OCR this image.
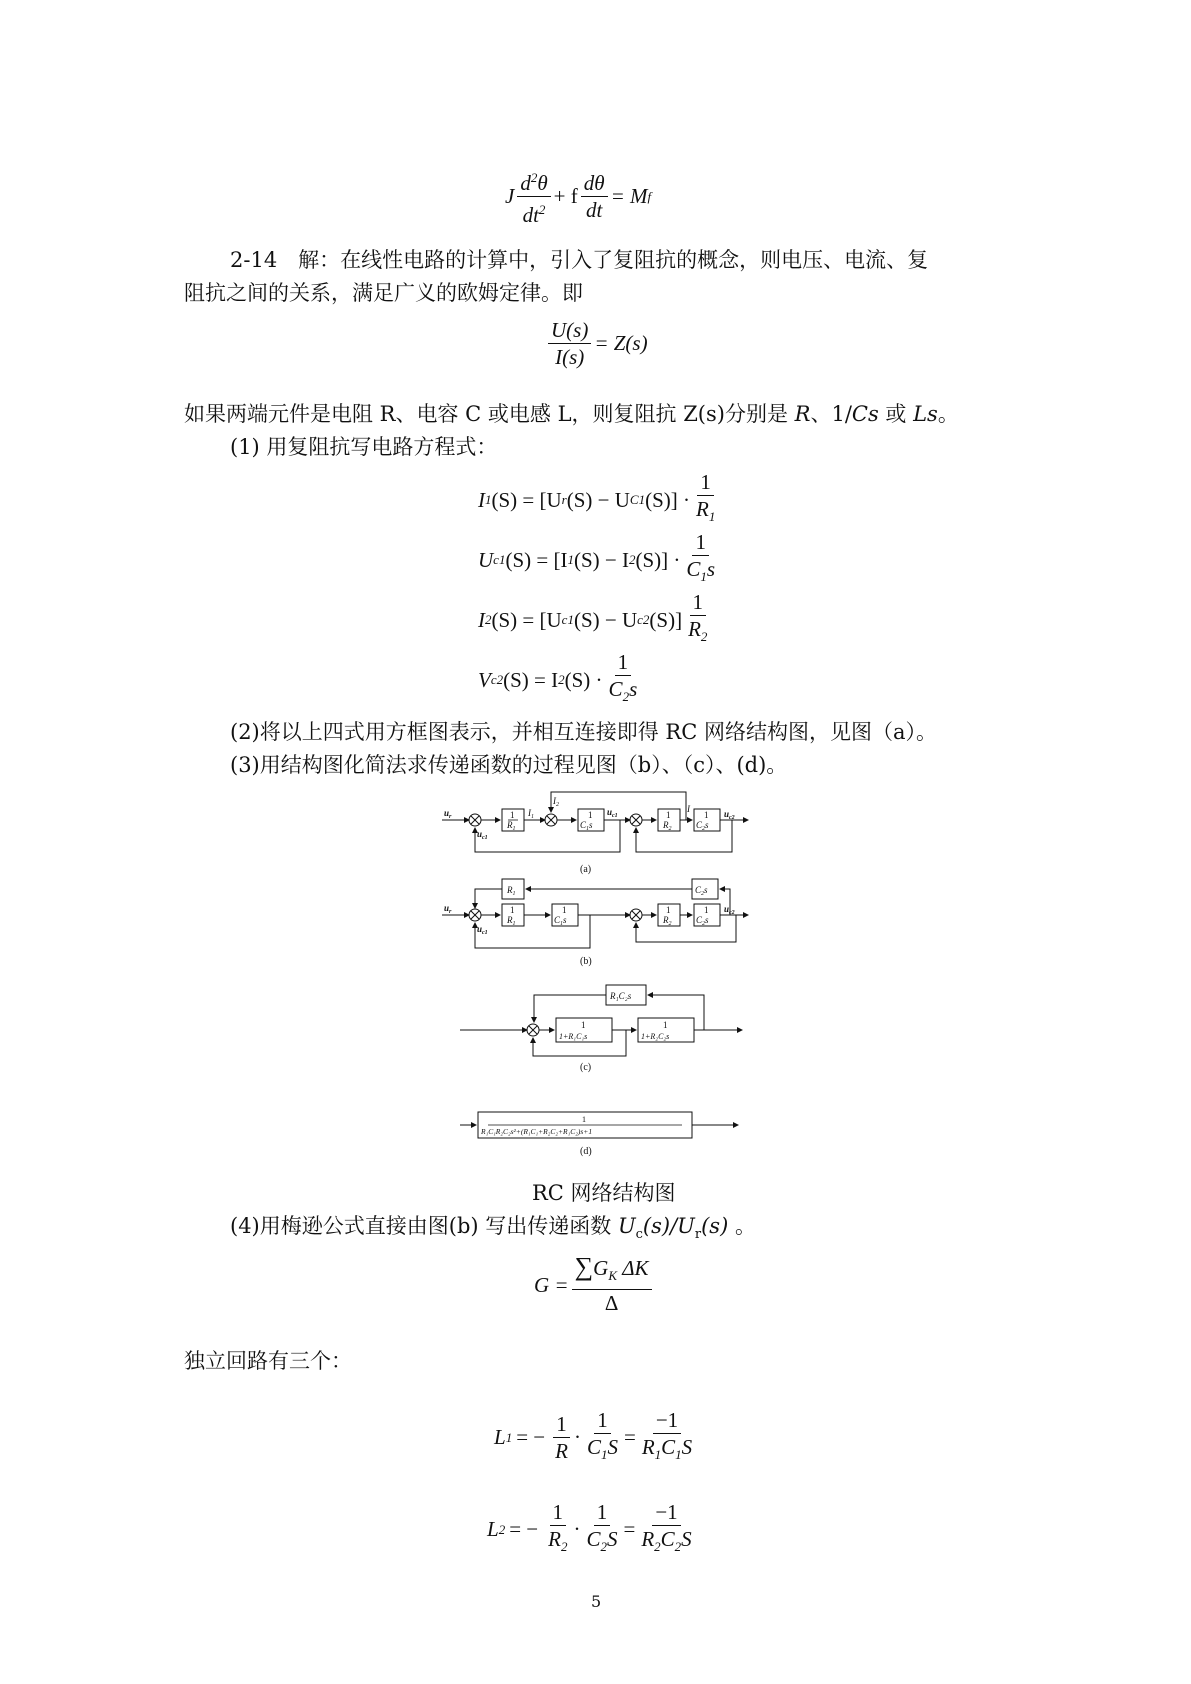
J $\frac{d^2\theta}{dt^2} + f \frac{d\theta}{dt} = M$ f
2-14　解：在线性电路的计算中，引入了复阻抗的概念，则电压、电流、复
阻抗之间的关系，满足广义的欧姆定律。即
$\frac{U(s)}{I(s)} = Z(s)$
如果两端元件是电阻 R、电容 C 或电感 L，则复阻抗 Z(s)分别是 R、1/Cs 或 Ls。
(1) 用复阻抗写电路方程式：
I 1 (S) = [U r (S) − U C1 $(S)] \cdot \frac{1}{R_1}$
U c1 (S) = [I 1 (S) − I 2 $(S)] \cdot \frac{1}{C_1s}$
I 2 (S) = [U c1 (S) − U c2 $(S)] \frac{1}{R_2}$
V c2 (S) = I 2 $(S) \cdot \frac{1}{C_2s}$
(2)将以上四式用方框图表示，并相互连接即得 RC 网络结构图，见图（a）。
(3)用结构图化简法求传递函数的过程见图（b）、（c）、(d)。
$u_r$
$u_{c1}$
$I_1$
$I_2$
$u_{c1}$
I	$u_{c2}$
1
$R_1$
1
$C_1s$
1
$R_2$
1
$C_2s$
(a)
$R_1$	$C_2s$
$u_r$
$u_{c1}$
1
$R_1$
1
$C_1s$
1
$R_2$
1
$C_2s$
$u_{c2}$
(b)
R₁C₂s
1
1+R₁C₁s
1
1+R₂C₂s
(c)
1
R₁C₁R₂C₂s²+(R₁C₁+R₂C₂+R₁C₂)s+1
(d)
RC 网络结构图
(4)用梅逊公式直接由图(b) 写出传递函数 $U_c(s)/U_r(s)$ 。
$G = \frac{\sum G_K \Delta K}{\Delta}$
独立回路有三个：
L 1 = − $\frac{1}{R} \cdot \frac{1}{C_1S} = \frac{-1}{R_1C_1S}$
L 2 = − $\frac{1}{R_2} \cdot \frac{1}{C_2S} = \frac{-1}{R_2C_2S}$
5
